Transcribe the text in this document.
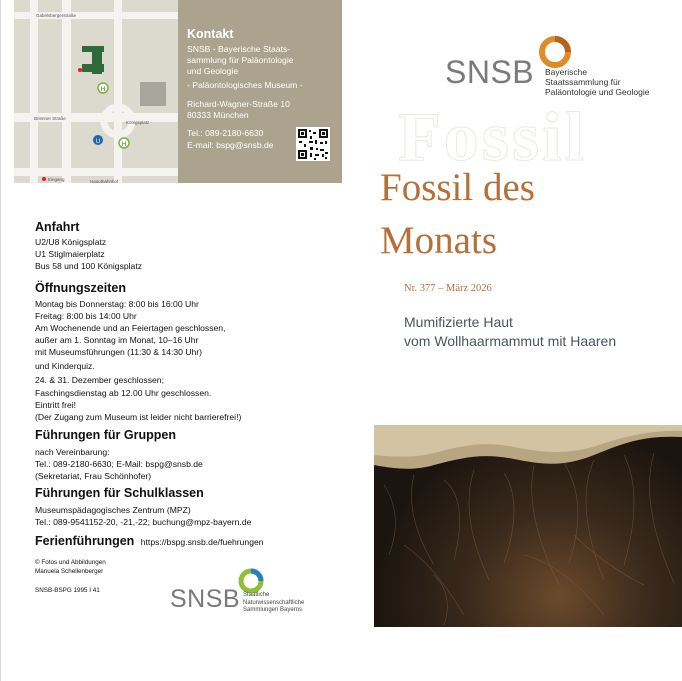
H
U	H
Gabelsbergerstraße
Brienner Straße
Königsplatz
Hauptbahnhof
Eingang
Kontakt
SNSB - Bayerische Staats-
sammlung für Paläontologie
und Geologie
- Paläontologisches Museum -
Richard-Wagner-Straße 10
80333 München
Tel.: 089-2180-6630
E-mail: bspg@snsb.de
Anfahrt
U2/U8 Königsplatz
U1 Stiglmaierplatz
Bus 58 und 100 Königsplatz
Öffnungszeiten
Montag bis Donnerstag: 8:00 bis 16:00 Uhr
Freitag: 8:00 bis 14:00 Uhr
Am Wochenende und an Feiertagen geschlossen,
außer am 1. Sonntag im Monat, 10–16 Uhr
mit Museumsführungen (11:30 & 14:30 Uhr)
und Kinderquiz.
24. & 31. Dezember geschlossen;
Faschingsdienstag ab 12.00 Uhr geschlossen.
Eintritt frei!
(Der Zugang zum Museum ist leider nicht barrierefrei!)
Führungen für Gruppen
nach Vereinbarung:
Tel.: 089-2180-6630; E-Mail: bspg@snsb.de
(Sekretariat, Frau Schönhofer)
Führungen für Schulklassen
Museumspädagogisches Zentrum (MPZ)
Tel.: 089-9541152-20, -21,-22; buchung@mpz-bayern.de
Ferienführungen https://bspg.snsb.de/fuehrungen
© Fotos und Abbildungen
Manuela Schellenberger
SNSB-BSPG 1995 I 41	SNSB Staatliche
Naturwissenschaftliche
Sammlungen Bayerns
SNSB Bayerische
Staatssammlung für
Paläontologie und Geologie
Fossil
Fossil des
Monats
Nr. 377 – März 2026
Mumifizierte Haut
vom Wollhaarmammut mit Haaren
